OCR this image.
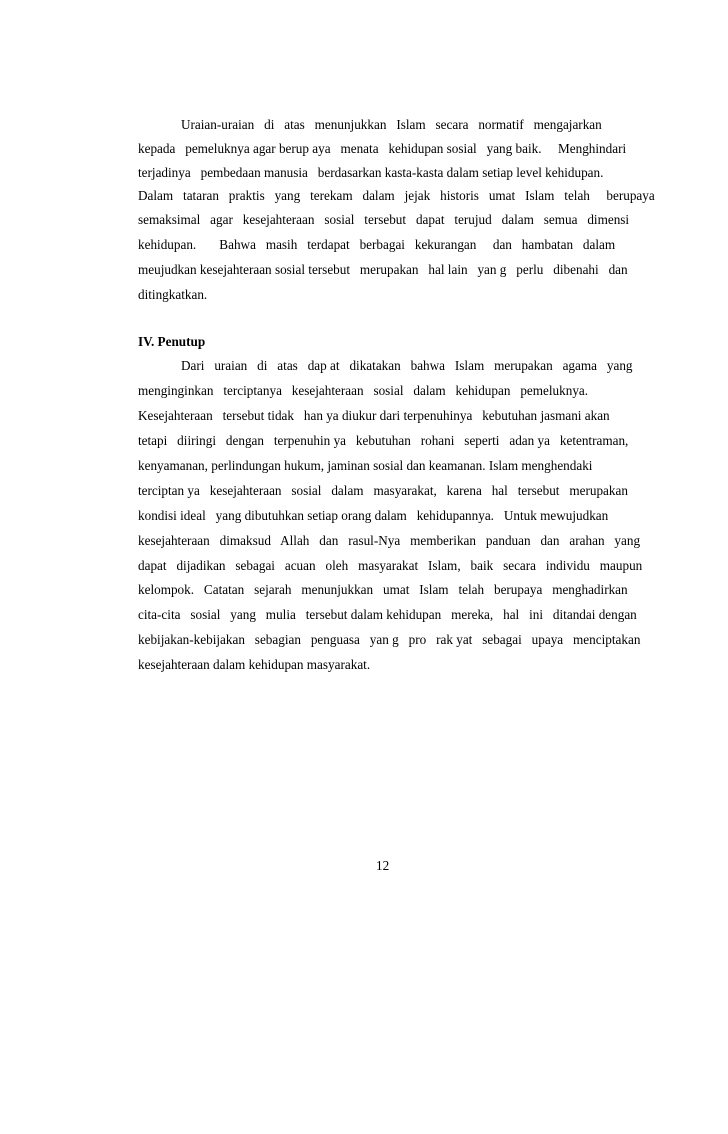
Uraian-uraian   di   atas   menunjukkan   Islam   secara   normatif   mengajarkan
kepada   pemeluknya agar berup aya   menata   kehidupan sosial   yang baik.     Menghindari
terjadinya   pembedaan manusia   berdasarkan kasta-kasta dalam setiap level kehidupan.
Dalam   tataran   praktis   yang   terekam   dalam   jejak   historis   umat   Islam   telah     berupaya
semaksimal   agar   kesejahteraan   sosial   tersebut   dapat   terujud   dalam   semua   dimensi
kehidupan.       Bahwa   masih   terdapat   berbagai   kekurangan     dan   hambatan   dalam
meujudkan kesejahteraan sosial tersebut   merupakan   hal lain   yan g   perlu   dibenahi   dan
ditingkatkan.
IV. Penutup
Dari   uraian   di   atas   dap at   dikatakan   bahwa   Islam   merupakan   agama   yang
menginginkan   terciptanya   kesejahteraan   sosial   dalam   kehidupan   pemeluknya.
Kesejahteraan   tersebut tidak   han ya diukur dari terpenuhinya   kebutuhan jasmani akan
tetapi   diiringi   dengan   terpenuhin ya   kebutuhan   rohani   seperti   adan ya   ketentraman,
kenyamanan, perlindungan hukum, jaminan sosial dan keamanan. Islam menghendaki
terciptan ya   kesejahteraan   sosial   dalam   masyarakat,   karena   hal   tersebut   merupakan
kondisi ideal   yang dibutuhkan setiap orang dalam   kehidupannya.   Untuk mewujudkan
kesejahteraan   dimaksud   Allah   dan   rasul-Nya   memberikan   panduan   dan   arahan   yang
dapat   dijadikan   sebagai   acuan   oleh   masyarakat   Islam,   baik   secara   individu   maupun
kelompok.   Catatan   sejarah   menunjukkan   umat   Islam   telah   berupaya   menghadirkan
cita-cita   sosial   yang   mulia   tersebut dalam kehidupan   mereka,   hal   ini   ditandai dengan
kebijakan-kebijakan   sebagian   penguasa   yan g   pro   rak yat   sebagai   upaya   menciptakan
kesejahteraan dalam kehidupan masyarakat.
12
